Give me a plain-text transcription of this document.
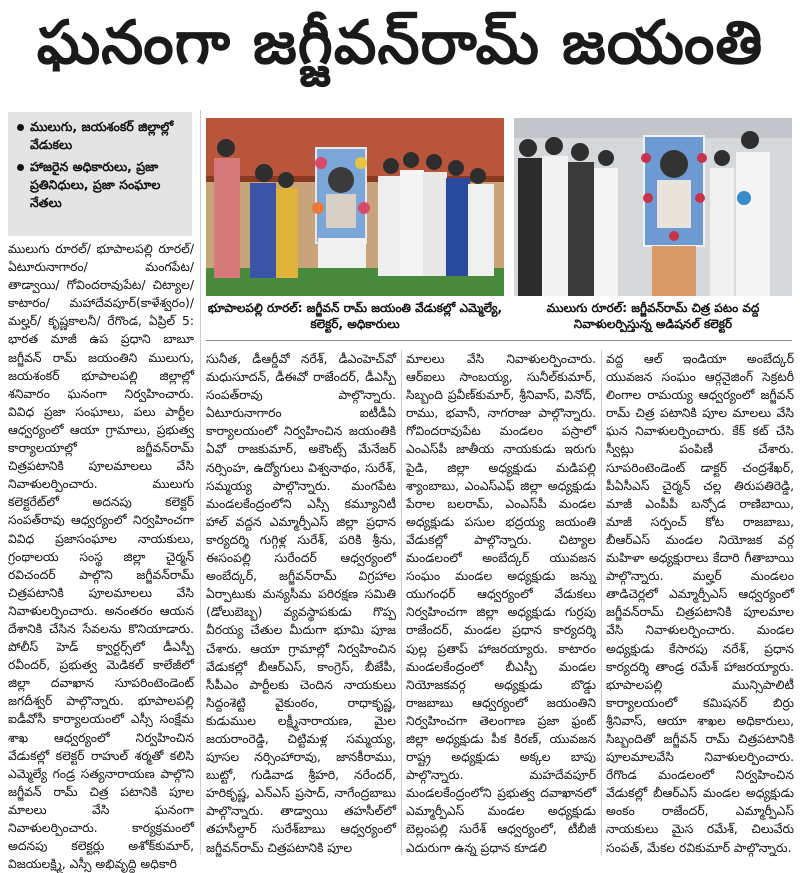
ఘనంగా జగ్జీవన్‌రామ్ జయంతి
ములుగు, జయశంకర్ జిల్లాల్లో వేడుకలు
హాజరైన అధికారులు, ప్రజా ప్రతినిధులు, ప్రజా సంఘాల నేతలు
భూపాలపల్లి రూరల్: జగ్జీవన్ రామ్ జయంతి వేడుకల్లో ఎమ్మెల్యే, కలెక్టర్, అధికారులు
ములుగు రూరల్: జగ్జీవన్‌రామ్ చిత్ర పటం వద్ద నివాళులర్పిస్తున్న అడిషనల్ కలెక్టర్

ములుగు రూరల్/ భూపాలపల్లి రూరల్/ ఏటూరునాగారం/ మంగపేట/ తాడ్వాయి/ గోవిందరావుపేట/ చిట్యాల/ కాటారం/ మహాదేవపూర్(కాళేశ్వరం)/ మల్హర్/ కృష్ణకాలనీ/ రేగొండ, ఏప్రిల్ 5: భారత మాజీ ఉప ప్రధాని బాబూ జగ్జీవన్ రామ్ జయంతిని ములుగు, జయశంకర్ భూపాలపల్లి జిల్లాల్లో శనివారం ఘనంగా నిర్వహించారు. వివిధ ప్రజా సంఘాలు, పలు పార్టీల ఆధ్వర్యంలో ఆయా గ్రామాలు, ప్రభుత్వ కార్యాలయాల్లో జగ్జీవన్‌రామ్ చిత్రపటానికి పూలమాలలు వేసి నివాళులర్పించారు. ములుగు కలెక్టరేట్‌లో అదనపు కలెక్టర్ సంపత్‌రావు ఆధ్వర్యంలో నిర్వహించగా వివిధ ప్రజాసంఘాల నాయకులు, గ్రంథాలయ సంస్థ జిల్లా చైర్మన్ రవిచందర్ పాల్గొని జగ్జీవన్‌రామ్ చిత్రపటానికి పూలమాలలు వేసి నివాళులర్పించారు. అనంతరం ఆయన దేశానికి చేసిన సేవలను కొనియాడారు. పోలీస్ హెడ్ క్వార్టర్స్‌లో డీఎస్పీ రవీందర్, ప్రభుత్వ మెడికల్ కాలేజీలో జిల్లా దవాఖాన సూపరింటెండెంట్ జగదీశ్వర్ పాల్గొన్నారు. భూపాలపల్లి ఐడీవోసీ కార్యాలయంలో ఎస్సీ సంక్షేమ శాఖ ఆధ్వర్యంలో నిర్వహించిన వేడుకల్లో కలెక్టర్ రాహుల్ శర్మతో కలిసి ఎమ్మెల్యే గండ్ర సత్యనారాయణ పాల్గొని జగ్జీవన్ రామ్ చిత్ర పటానికి పూల మాలలు వేసి ఘనంగా నివాళులర్పించారు. కార్యక్రమంలో అదనపు కలెక్టర్లు అశోక్‌కుమార్, విజయలక్ష్మి, ఎస్సీ అభివృద్ధి అధికారి

సునీత, డీఆర్డీవో నరేశ్, డీఎంహెచ్‌వో మధుసూదన్, డీఈవో రాజేందర్, డీఎస్పీ సంపత్‌రావు పాల్గొన్నారు. ఏటూరునాగారం ఐటీడీఏ కార్యాలయంలో నిర్వహించిన జయంతికి ఏవో రాజకుమార్, అకౌంట్స్ మేనేజర్ నర్సింహ, ఉద్యోగులు విశ్వనాథం, సురేశ్, సమ్మయ్య పాల్గొన్నారు. మంగపేట మండలకేంద్రంలోని ఎస్సీ కమ్యూనిటీ హాల్ వద్దన ఎమ్మార్పీఎస్ జిల్లా ప్రధాన కార్యదర్శి గుగ్గిళ్ల సురేశ్, పరికి శ్రీను, ఈసంపల్లి సురేందర్ ఆధ్వర్యంలో అంబేద్కర్, జగ్జీవన్‌రామ్ విగ్రహాల ఏర్పాటుకు మన్యసీమ పరిరక్షణ సమితి (డోలుబెబ్బ) వ్యవస్థాపకుడు గొప్ప వీరయ్య చేతుల మీదుగా భూమి పూజ చేశారు. ఆయా గ్రామాల్లో నిర్వహించిన వేడుకల్లో బీఆర్‌ఎస్, కాంగ్రెస్, బీజేపీ, సీపీఎం పార్టీలకు చెందిన నాయకులు సిద్దంశెట్టి వైకుంఠం, రాధాకృష్ణ, కుడుముల లక్ష్మీనారాయణ, మైల జయరాంరెడ్డి, చిట్టిమళ్ల సమ్మయ్య, పూసల నర్సింహారావు, జానకీరాము, బుట్టో, గుడివాడ శ్రీహరి, నరేందర్, హరికృష్ణ, ఎన్‌ఎస్ ప్రసాద్, నాగేంద్రబాబు పాల్గొన్నారు. తాడ్వాయి తహసీల్‌లో తహసీల్దార్ సురేశ్‌బాబు ఆధ్వర్యంలో జగ్జీవన్‌రామ్ చిత్రపటానికి పూల

మాలలు వేసి నివాళులర్పించారు. ఆర్‌ఐలు సాంబయ్య, సునీల్‌కుమార్, సిబ్బంది ప్రవీణ్‌కుమార్, శ్రీనివాస్, వినోద్, రాము, భవానీ, నాగరాజు పాల్గొన్నారు. గోవిందరావుపేట మండలం పస్రాలో ఎంఎస్‌పీ జాతీయ నాయకుడు ఇరుగు పైడి, జిల్లా అధ్యక్షుడు మడిపల్లి శ్యాంబాబు, ఎంఎస్‌ఎఫ్ జిల్లా అధ్యక్షుడు పేరాల బలరామ్, ఎంఎస్‌పీ మండల అధ్యక్షుడు పసుల భద్రయ్య జయంతి వేడుకల్లో పాల్గొన్నారు. చిట్యాల మండలంలో అంబేద్కర్ యువజన సంఘం మండల అధ్యక్షుడు జన్ను యుగంధర్ ఆధ్వర్యంలో వేడుకలు నిర్వహించగా జిల్లా అధ్యక్షుడు గుర్రపు రాజేందర్, మండల ప్రధాన కార్యదర్శి పుల్ల ప్రతాప్ హాజరయ్యారు. కాటారం మండలకేంద్రంలో బీఎస్పీ మండల నియోజకవర్గ అధ్యక్షుడు బొడ్డు రాజబాబు ఆధ్వర్యంలో జయంతిని నిర్వహించగా తెలంగాణ ప్రజా ఫ్రంట్ జిల్లా అధ్యక్షుడు పీక కిరణ్, యువజన రాష్ట్ర అధ్యక్షుడు అక్కల బాపు పాల్గొన్నారు. మహదేవపూర్ మండలకేంద్రంలోని ప్రభుత్వ దవాఖానలో ఎమ్మార్పీఎస్ మండల అధ్యక్షుడు బెల్లంపల్లి సురేశ్ ఆధ్వర్యంలో, టీబీజీ ఎదురుగా ఉన్న ప్రధాన కూడలి

వద్ద ఆల్ ఇండియా అంబేద్కర్ యువజన సంఘం ఆర్గనైజింగ్ సెక్రటరీ లింగాల రామయ్య ఆధ్వర్యంలో జగ్జీవన్ రామ్ చిత్ర పటానికి పూల మాలలు వేసి ఘన నివాళులర్పించారు. కేక్ కట్ చేసి స్వీట్లు పంపిణీ చేశారు. సూపరింటెండెంట్ డాక్టర్ చంద్రశేఖర్, పీఏసీఎస్ చైర్మన్ చల్ల తిరుపతిరెడ్డి, మాజీ ఎంపీపీ బన్సోడ రాణిబాయి, మాజీ సర్పంచ్ కోట రాజబాబు, బీఆర్‌ఎస్ మండల నియోజక వర్గ మహిళా అధ్యక్షురాలు కేదారి గీతాబాయి పాల్గొన్నారు. మల్హర్ మండలం తాడిచెర్లలో ఎమ్మార్పీఎస్ ఆధ్వర్యంలో జగ్జీవన్‌రామ్ చిత్రపటానికి పూలమాల వేసి నివాళులర్పించారు. మండల అధ్యక్షుడు కేసారపు నరేశ్, ప్రధాన కార్యదర్శి తాండ్ర రమేశ్ హాజరయ్యారు. భూపాలపల్లి మున్సిపాలిటీ కార్యాలయంలో కమిషనర్ బిర్రు శ్రీనివాస్, ఆయా శాఖల అధికారులు, సిబ్బందితో జగ్జీవన్ రామ్ చిత్రపటానికి పూలమాలవేసి నివాళులర్పించారు. రేగొండ మండలంలో నిర్వహించిన వేడుకల్లో బీఆర్‌ఎస్ మండల అధ్యక్షుడు అంకం రాజేందర్, ఎమ్మార్పీఎస్ నాయకులు మైస రమేశ్, చిలువేరు సంపత్, మేకల రవికుమార్ పాల్గొన్నారు.
